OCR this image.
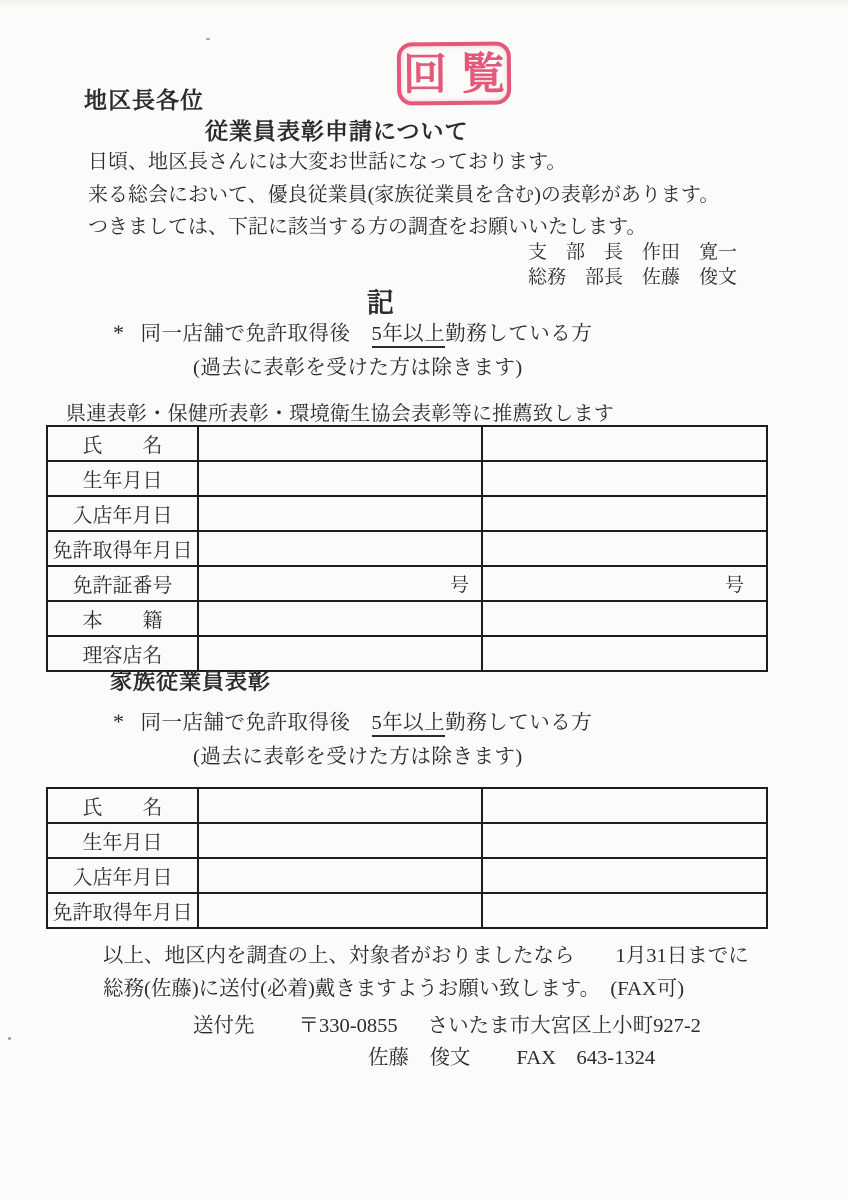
地区長各位
回覧
従業員表彰申請について

日頃、地区長さんには大変お世話になっております。

来る総会において、優良従業員(家族従業員を含む)の表彰があります。

つきましては、下記に該当する方の調査をお願いいたします。

支　部　長
　 作田　寛一
総務　部長
　 佐藤　俊文
記
* 同一店舗で免許取得後　5年以上勤務している方
(過去に表彰を受けた方は除きます)
県連表彰・保健所表彰・環境衛生協会表彰等に推薦致します
氏　　名
生年月日
入店年月日
免許取得年月日
免許証番号	号	号
本　　籍
理容店名
家族従業員表彰
* 同一店舗で免許取得後　5年以上勤務している方
(過去に表彰を受けた方は除きます)
氏　　名
生年月日
入店年月日
免許取得年月日

以上、地区内を調査の上、対象者がおりましたなら　　1月31日までに

総務(佐藤)に送付(必着)戴きますようお願い致します。　(FAX可)

送付先 〒330-0855 さいたま市大宮区上小町927-2
佐藤　俊文 FAX　643-1324
